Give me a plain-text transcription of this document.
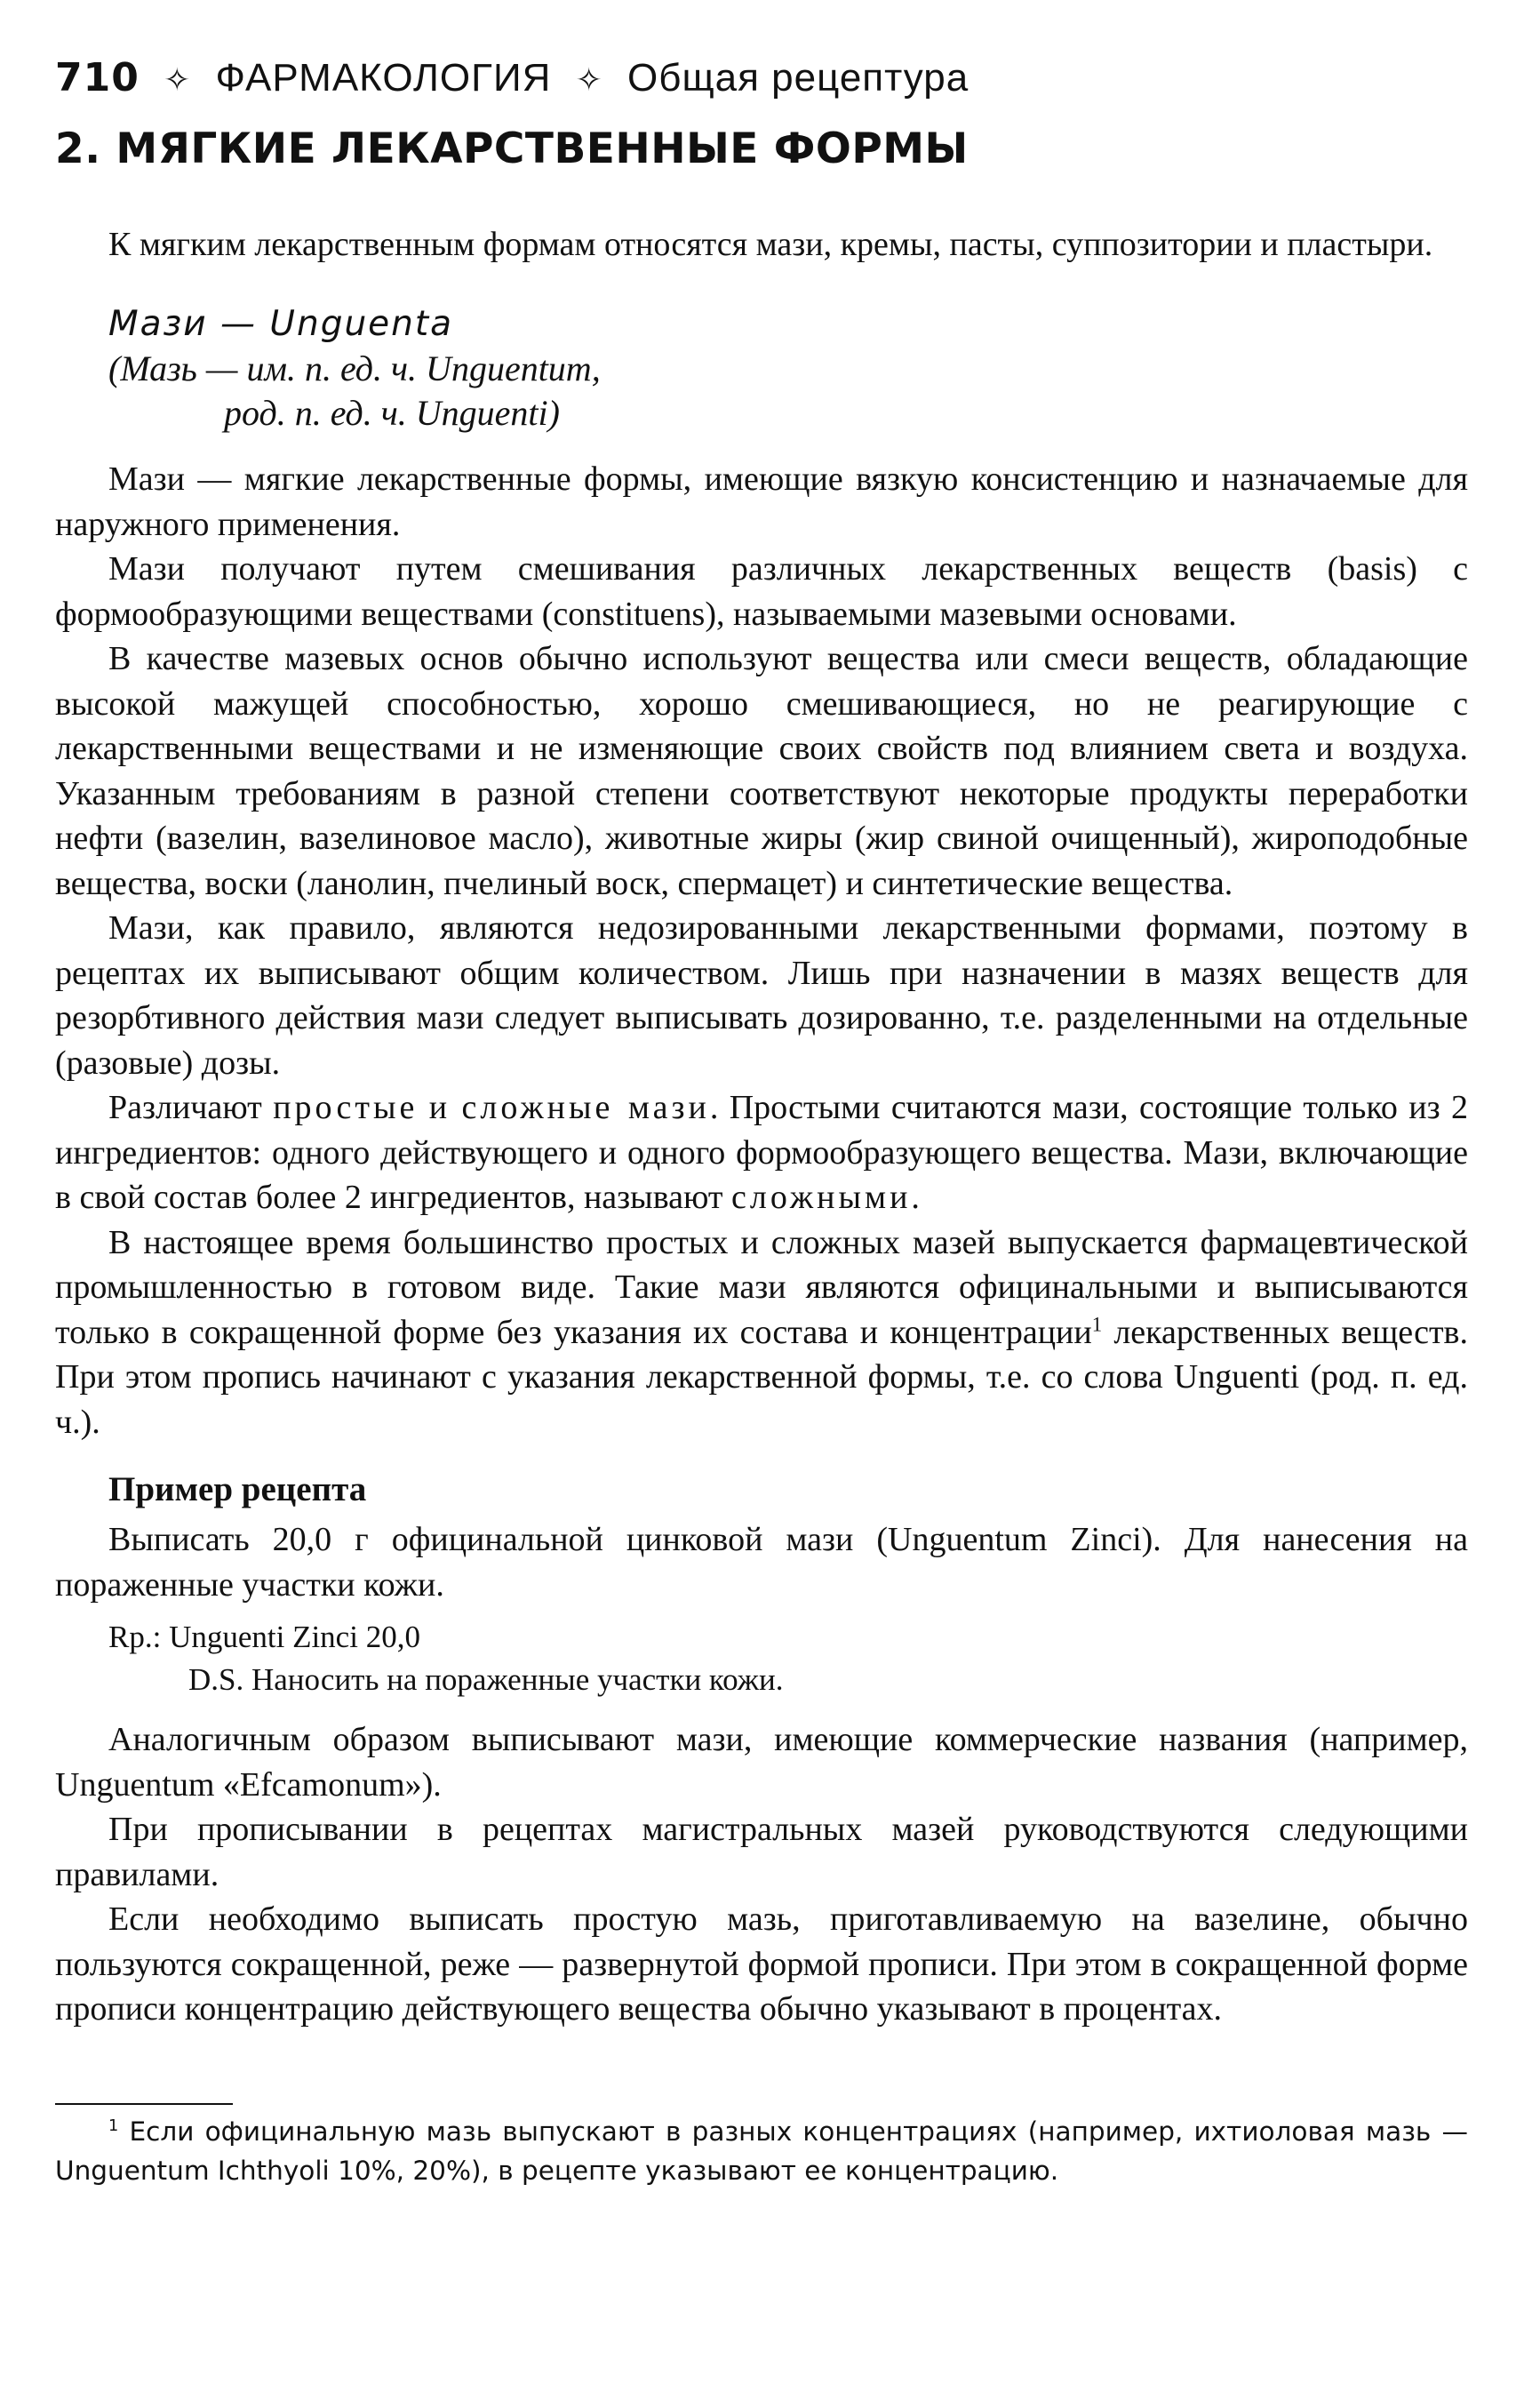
710 ✧ ФАРМАКОЛОГИЯ ✧ Общая рецептура
2. МЯГКИЕ ЛЕКАРСТВЕННЫЕ ФОРМЫ

К мягким лекарственным формам относятся мази, кремы, пасты, суппозитории и пластыри.

Мази — Unguenta
(Мазь — им. п. ед. ч. Unguentum,
род. п. ед. ч. Unguenti)

Мази — мягкие лекарственные формы, имеющие вязкую консистенцию и назначаемые для наружного применения.

Мази получают путем смешивания различных лекарственных веществ (basis) с формообразующими веществами (constituens), называемыми мазевыми основами.

В качестве мазевых основ обычно используют вещества или смеси веществ, обладающие высокой мажущей способностью, хорошо смешивающиеся, но не реагирующие с лекарственными веществами и не изменяющие своих свойств под влиянием света и воздуха. Указанным требованиям в разной степени соответствуют некоторые продукты переработки нефти (вазелин, вазелиновое масло), животные жиры (жир свиной очищенный), жироподобные вещества, воски (ланолин, пчелиный воск, спермацет) и синтетические вещества.

Мази, как правило, являются недозированными лекарственными формами, поэтому в рецептах их выписывают общим количеством. Лишь при назначении в мазях веществ для резорбтивного действия мази следует выписывать дозированно, т.е. разделенными на отдельные (разовые) дозы.

Различают простые и сложные мази. Простыми считаются мази, состоящие только из 2 ингредиентов: одного действующего и одного формообразующего вещества. Мази, включающие в свой состав более 2 ингредиентов, называют сложными.

В настоящее время большинство простых и сложных мазей выпускается фармацевтической промышленностью в готовом виде. Такие мази являются официнальными и выписываются только в сокращенной форме без указания их состава и концентрации$^1$ лекарственных веществ. При этом пропись начинают с указания лекарственной формы, т.е. со слова Unguenti (род. п. ед. ч.).

Пример рецепта

Выписать 20,0 г официнальной цинковой мази (Unguentum Zinci). Для нанесения на пораженные участки кожи.

Rp.: Unguenti Zinci 20,0
D.S. Наносить на пораженные участки кожи.

Аналогичным образом выписывают мази, имеющие коммерческие названия (например, Unguentum «Efcamonum»).

При прописывании в рецептах магистральных мазей руководствуются следующими правилами.

Если необходимо выписать простую мазь, приготавливаемую на вазелине, обычно пользуются сокращенной, реже — развернутой формой прописи. При этом в сокращенной форме прописи концентрацию действующего вещества обычно указывают в процентах.

$^1$ Если официнальную мазь выпускают в разных концентрациях (например, ихтиоловая мазь — Unguentum Ichthyoli 10%, 20%), в рецепте указывают ее концентрацию.
